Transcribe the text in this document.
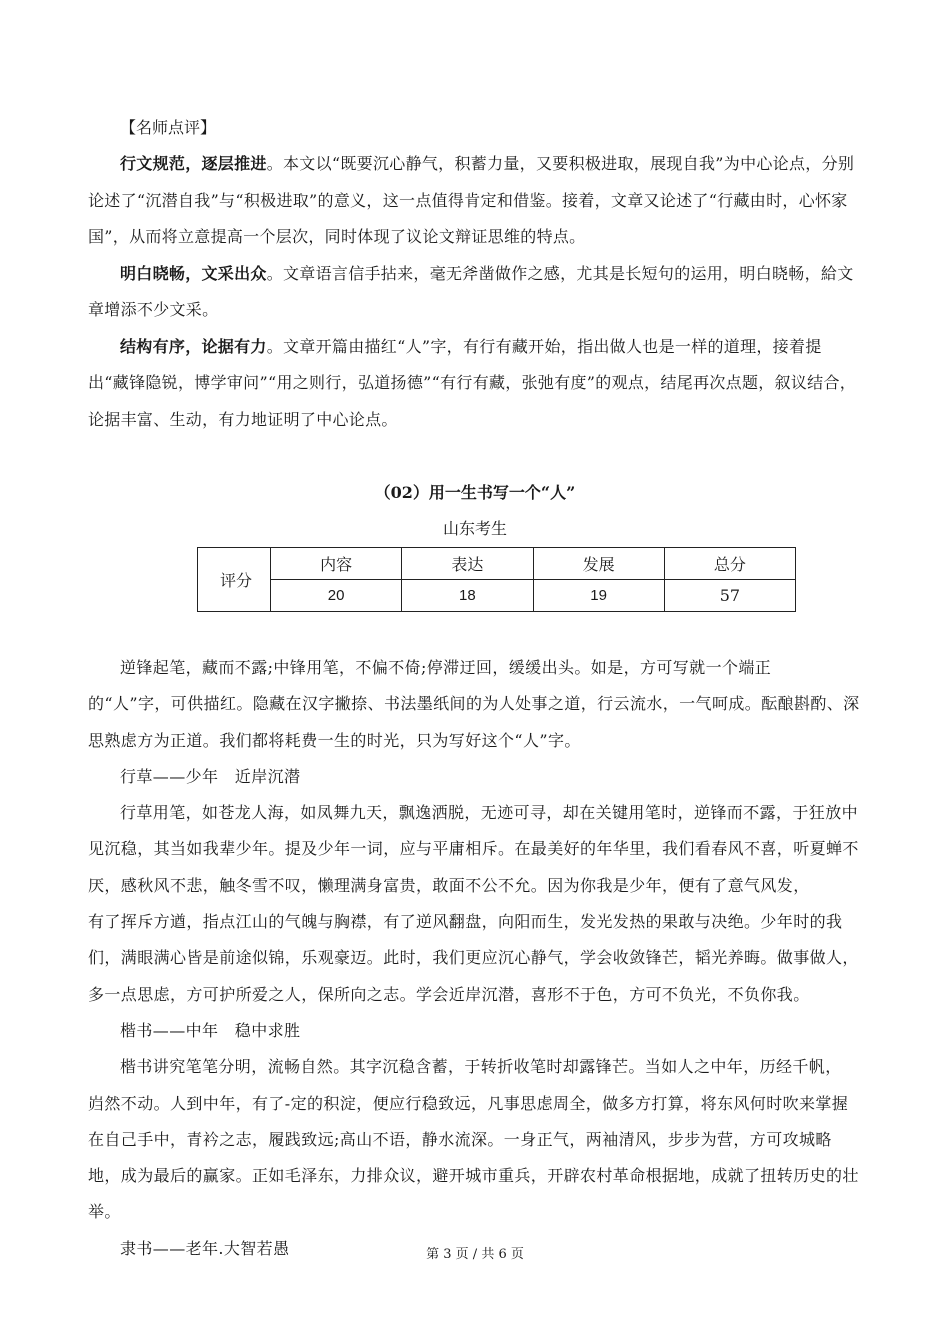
【名师点评】

行文规范，逐层推进。本文以“既要沉心静气，积蓄力量，又要积极进取，展现自我”为中心论点，分别论述了“沉潜自我”与“积极进取”的意义，这一点值得肯定和借鉴。接着，文章又论述了“行藏由时，心怀家国”，从而将立意提高一个层次，同时体现了议论文辩证思维的特点。

明白晓畅，文采出众。文章语言信手拈来，毫无斧凿做作之感，尤其是长短句的运用，明白晓畅，給文章增添不少文采。

结构有序，论据有力。文章开篇由描红“人”字，有行有藏开始，指出做人也是一样的道理，接着提出“藏锋隐锐，博学审问”“用之则行，弘道扬德”“有行有藏，张弛有度”的观点，结尾再次点题，叙议结合，论据丰富、生动，有力地证明了中心论点。

（02）用一生书写一个“人”
山东考生
评分	内容	表达	发展	总分
	20	18	19	57

逆锋起笔，藏而不露;中锋用笔，不偏不倚;停滞迂回，缓缓出头。如是，方可写就一个端正

的“人”字，可供描红。隐藏在汉字撇捺、书法墨纸间的为人处事之道，行云流水，一气呵成。酝酿斟酌、深思熟虑方为正道。我们都将耗费一生的时光，只为写好这个“人”字。

行草——少年　近岸沉潜

行草用笔，如苍龙人海，如凤舞九天，飘逸洒脱，无迹可寻，却在关键用笔时，逆锋而不露，于狂放中见沉稳，其当如我辈少年。提及少年一词，应与平庸相斥。在最美好的年华里，我们看春风不喜，听夏蝉不厌，感秋风不悲，触冬雪不叹，懒理满身富贵，敢面不公不允。因为你我是少年，便有了意气风发，

有了挥斥方遒，指点江山的气魄与胸襟，有了逆风翻盘，向阳而生，发光发热的果敢与决绝。少年时的我们，满眼满心皆是前途似锦，乐观豪迈。此时，我们更应沉心静气，学会收敛锋芒，韬光养晦。做事做人，多一点思虑，方可护所爱之人，保所向之志。学会近岸沉潜，喜形不于色，方可不负光，不负你我。

楷书——中年　稳中求胜

楷书讲究笔笔分明，流畅自然。其字沉稳含蓄，于转折收笔时却露锋芒。当如人之中年，历经千帆，

岿然不动。人到中年，有了-定的积淀，便应行稳致远，凡事思虑周全，做多方打算，将东风何时吹来掌握在自己手中，青衿之志，履践致远;高山不语，静水流深。一身正气，两袖清风，步步为营，方可攻城略地，成为最后的赢家。正如毛泽东，力排众议，避开城市重兵，开辟农村革命根据地，成就了扭转历史的壮举。

隶书——老年.大智若愚	第 3 页 / 共 6 页
